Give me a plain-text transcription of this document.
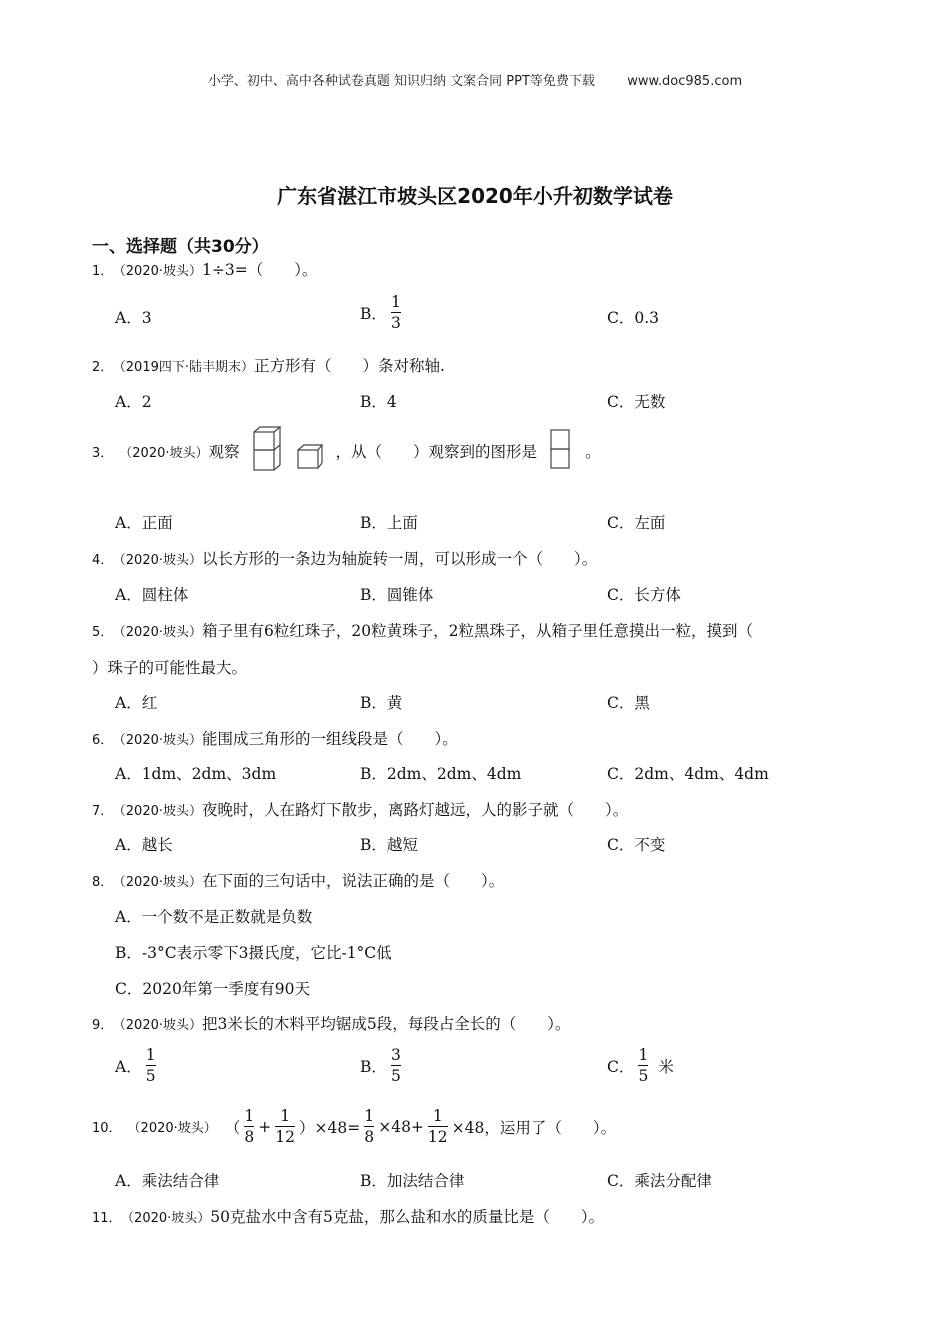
小学、初中、高中各种试卷真题 知识归纳 文案合同 PPT等免费下载 www.doc985.com
广东省湛江市坡头区2020年小升初数学试卷
一、选择题（共30分）
1． （2020·坡头）1÷3=（　　）。
A．3	B． $\frac{1}{3}$	C．0.3
2． （2019四下·陆丰期末）正方形有（　　）条对称轴.
A．2	B．4	C．无数
3． （2020·坡头） 观察	，从（　　）观察到的图形是	。
A．正面	B．上面	C．左面
4． （2020·坡头）以长方形的一条边为轴旋转一周，可以形成一个（　　）。
A．圆柱体	B．圆锥体	C．长方体
5． （2020·坡头）箱子里有6粒红珠子，20粒黄珠子，2粒黑珠子，从箱子里任意摸出一粒，摸到（
）珠子的可能性最大。
A．红	B．黄	C．黑
6． （2020·坡头）能围成三角形的一组线段是（　　）。
A．1dm、2dm、3dm	B．2dm、2dm、4dm	C．2dm、4dm、4dm
7． （2020·坡头）夜晚时，人在路灯下散步，离路灯越远，人的影子就（　　）。
A．越长	B．越短	C．不变
8． （2020·坡头）在下面的三句话中，说法正确的是（　　）。
A．一个数不是正数就是负数
B．-3°C表示零下3摄氏度，它比-1°C低
C．2020年第一季度有90天
9． （2020·坡头）把3米长的木料平均锯成5段，每段占全长的（　　）。
A． $\frac{1}{5}$	B． $\frac{3}{5}$	C． $\frac{1}{5}$ 米
10． （2020·坡头） （ $\frac{1}{8} + \frac{1}{12} )\times 48= \frac{1}{8} \times 48+ \frac{1}{12} \times 48$，运用了（　　）。
A．乘法结合律	B．加法结合律	C．乘法分配律
11． （2020·坡头）50克盐水中含有5克盐，那么盐和水的质量比是（　　）。
